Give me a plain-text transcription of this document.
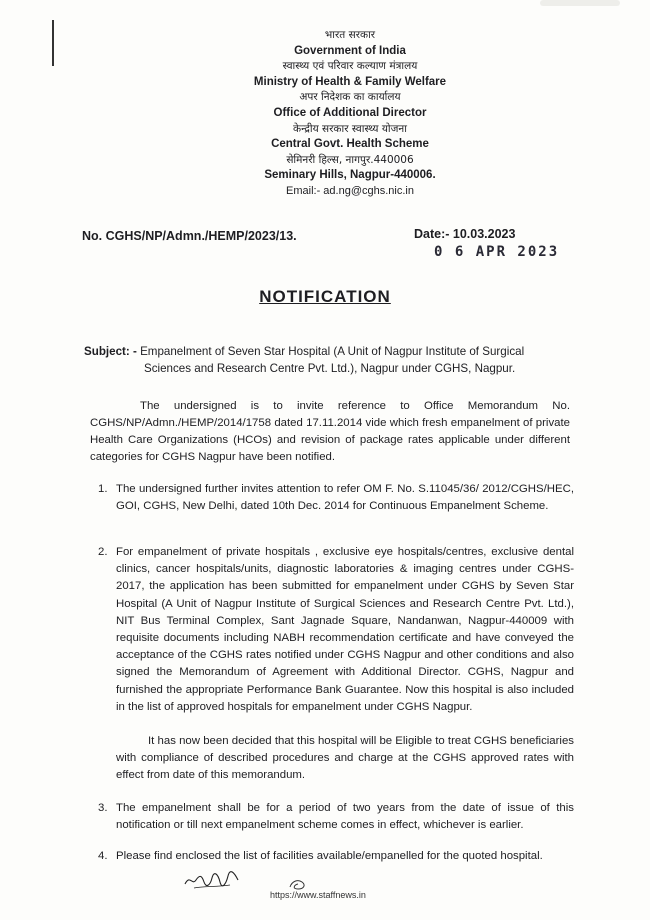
भारत सरकार
Government of India
स्वास्थ्य एवं परिवार कल्याण मंत्रालय
Ministry of Health & Family Welfare
अपर निदेशक का कार्यालय
Office of Additional Director
केन्द्रीय सरकार स्वास्थ्य योजना
Central Govt. Health Scheme
सेमिनरी हिल्स, नागपुर.440006
Seminary Hills, Nagpur-440006.
Email:- ad.ng@cghs.nic.in
No. CGHS/NP/Admn./HEMP/2023/13.	Date:- 10.03.2023
0 6 APR 2023
NOTIFICATION
Subject: - Empanelment of Seven Star Hospital (A Unit of Nagpur Institute of Surgical
Sciences and Research Centre Pvt. Ltd.), Nagpur under CGHS, Nagpur.
The undersigned is to invite reference to Office Memorandum No. CGHS/NP/Admn./HEMP/2014/1758 dated 17.11.2014 vide which fresh empanelment of private Health Care Organizations (HCOs) and revision of package rates applicable under different categories for CGHS Nagpur have been notified.
1. The undersigned further invites attention to refer OM F. No. S.11045/36/ 2012/CGHS/HEC, GOI, CGHS, New Delhi, dated 10th Dec. 2014 for Continuous Empanelment Scheme.
2. For empanelment of private hospitals , exclusive eye hospitals/centres, exclusive dental clinics, cancer hospitals/units, diagnostic laboratories & imaging centres under CGHS-2017, the application has been submitted for empanelment under CGHS by Seven Star Hospital (A Unit of Nagpur Institute of Surgical Sciences and Research Centre Pvt. Ltd.), NIT Bus Terminal Complex, Sant Jagnade Square, Nandanwan, Nagpur-440009 with requisite documents including NABH recommendation certificate and have conveyed the acceptance of the CGHS rates notified under CGHS Nagpur and other conditions and also signed the Memorandum of Agreement with Additional Director. CGHS, Nagpur and furnished the appropriate Performance Bank Guarantee. Now this hospital is also included in the list of approved hospitals for empanelment under CGHS Nagpur.
It has now been decided that this hospital will be Eligible to treat CGHS beneficiaries with compliance of described procedures and charge at the CGHS approved rates with effect from date of this memorandum.
3. The empanelment shall be for a period of two years from the date of issue of this notification or till next empanelment scheme comes in effect, whichever is earlier.
4. Please find enclosed the list of facilities available/empanelled for the quoted hospital.
https://www.staffnews.in
